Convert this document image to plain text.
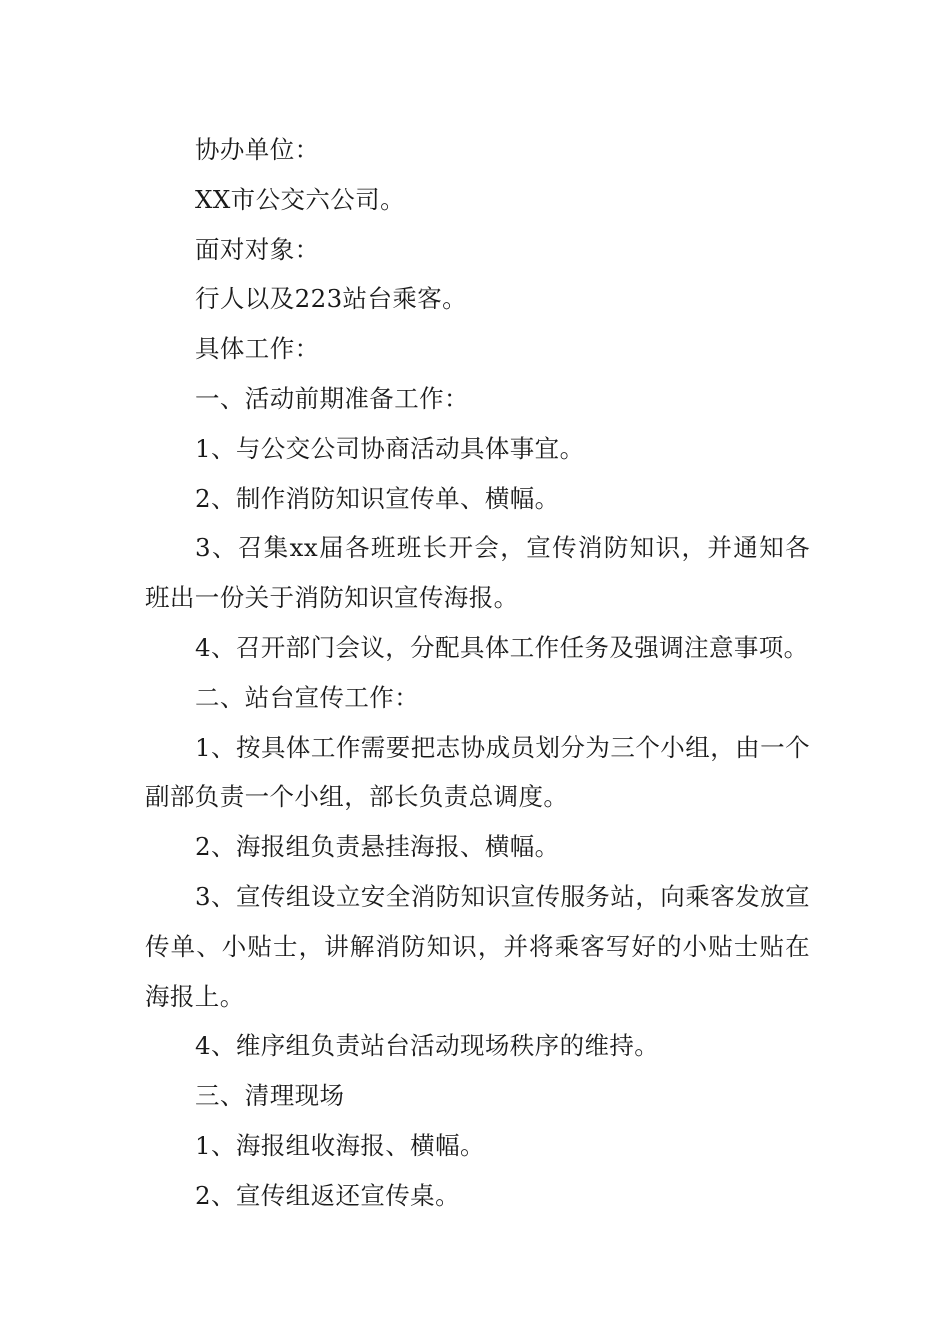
协办单位：

XX市公交六公司。

面对对象：

行人以及223站台乘客。

具体工作：

一、活动前期准备工作：

1、与公交公司协商活动具体事宜。

2、制作消防知识宣传单、横幅。

3、召集xx届各班班长开会，宣传消防知识，并通知各班出一份关于消防知识宣传海报。

4、召开部门会议，分配具体工作任务及强调注意事项。

二、站台宣传工作：

1、按具体工作需要把志协成员划分为三个小组，由一个副部负责一个小组，部长负责总调度。

2、海报组负责悬挂海报、横幅。

3、宣传组设立安全消防知识宣传服务站，向乘客发放宣传单、小贴士，讲解消防知识，并将乘客写好的小贴士贴在海报上。

4、维序组负责站台活动现场秩序的维持。

三、清理现场

1、海报组收海报、横幅。

2、宣传组返还宣传桌。
